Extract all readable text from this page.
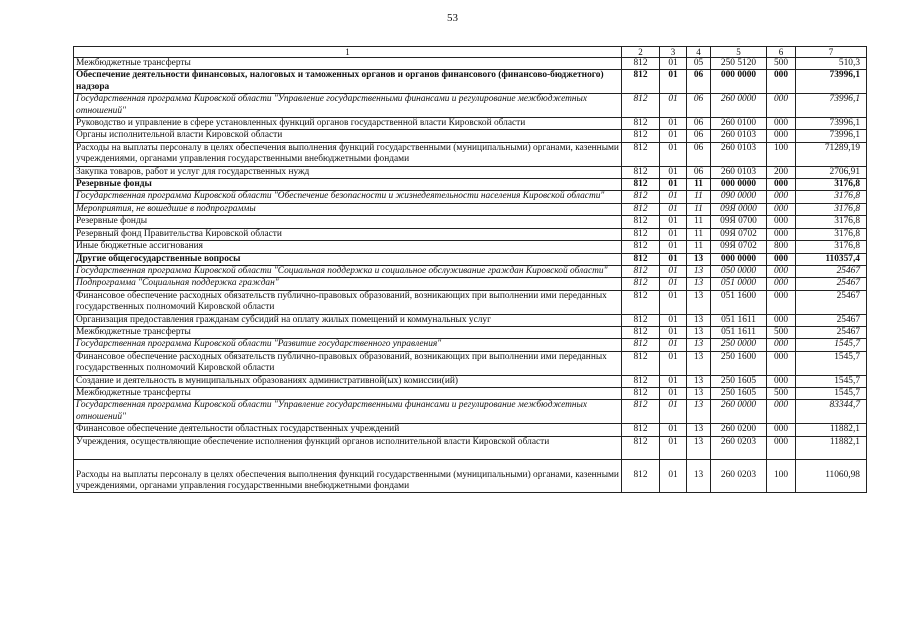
53
1	2	3	4	5	6	7
Межбюджетные трансферты	812	01	05	250 5120	500	510,3
Обеспечение деятельности финансовых, налоговых и таможенных органов и органов финансового (финансово-бюджетного) надзора	812	01	06	000 0000	000	73996,1
Государственная программа Кировской области "Управление государственными финансами и регулирование межбюджетных отношений"	812	01	06	260 0000	000	73996,1
Руководство и управление в сфере установленных функций органов государственной власти Кировской области	812	01	06	260 0100	000	73996,1
Органы исполнительной власти Кировской области	812	01	06	260 0103	000	73996,1
Расходы на выплаты персоналу в целях обеспечения выполнения функций государственными (муниципальными) органами, казенными учреждениями, органами управления государственными внебюджетными фондами	812	01	06	260 0103	100	71289,19
Закупка товаров, работ и услуг для государственных нужд	812	01	06	260 0103	200	2706,91
Резервные фонды	812	01	11	000 0000	000	3176,8
Государственная программа Кировской области "Обеспечение безопасности и жизнедеятельности населения Кировской области"	812	01	11	090 0000	000	3176,8
Мероприятия, не вошедшие в подпрограммы	812	01	11	09Я 0000	000	3176,8
Резервные фонды	812	01	11	09Я 0700	000	3176,8
Резервный фонд Правительства Кировской области	812	01	11	09Я 0702	000	3176,8
Иные бюджетные ассигнования	812	01	11	09Я 0702	800	3176,8
Другие общегосударственные вопросы	812	01	13	000 0000	000	110357,4
Государственная программа Кировской области "Социальная поддержка и социальное обслуживание граждан Кировской области"	812	01	13	050 0000	000	25467
Подпрограмма "Социальная поддержка граждан"	812	01	13	051 0000	000	25467
Финансовое обеспечение расходных обязательств публично-правовых образований, возникающих при выполнении ими переданных государственных полномочий Кировской области	812	01	13	051 1600	000	25467
Организация предоставления гражданам субсидий на оплату жилых помещений и коммунальных услуг	812	01	13	051 1611	000	25467
Межбюджетные трансферты	812	01	13	051 1611	500	25467
Государственная программа Кировской области "Развитие государственного управления"	812	01	13	250 0000	000	1545,7
Финансовое обеспечение расходных обязательств публично-правовых образований, возникающих при выполнении ими переданных государственных полномочий Кировской области	812	01	13	250 1600	000	1545,7
Создание и деятельность в муниципальных образованиях административной(ых) комиссии(ий)	812	01	13	250 1605	000	1545,7
Межбюджетные трансферты	812	01	13	250 1605	500	1545,7
Государственная программа Кировской области "Управление государственными финансами и регулирование межбюджетных отношений"	812	01	13	260 0000	000	83344,7
Финансовое обеспечение деятельности областных государственных учреждений	812	01	13	260 0200	000	11882,1
Учреждения, осуществляющие обеспечение исполнения функций органов исполнительной власти Кировской области	812	01	13	260 0203	000	11882,1
Расходы на выплаты персоналу в целях обеспечения выполнения функций государственными (муниципальными) органами, казенными учреждениями, органами управления государственными внебюджетными фондами	812	01	13	260 0203	100	11060,98
